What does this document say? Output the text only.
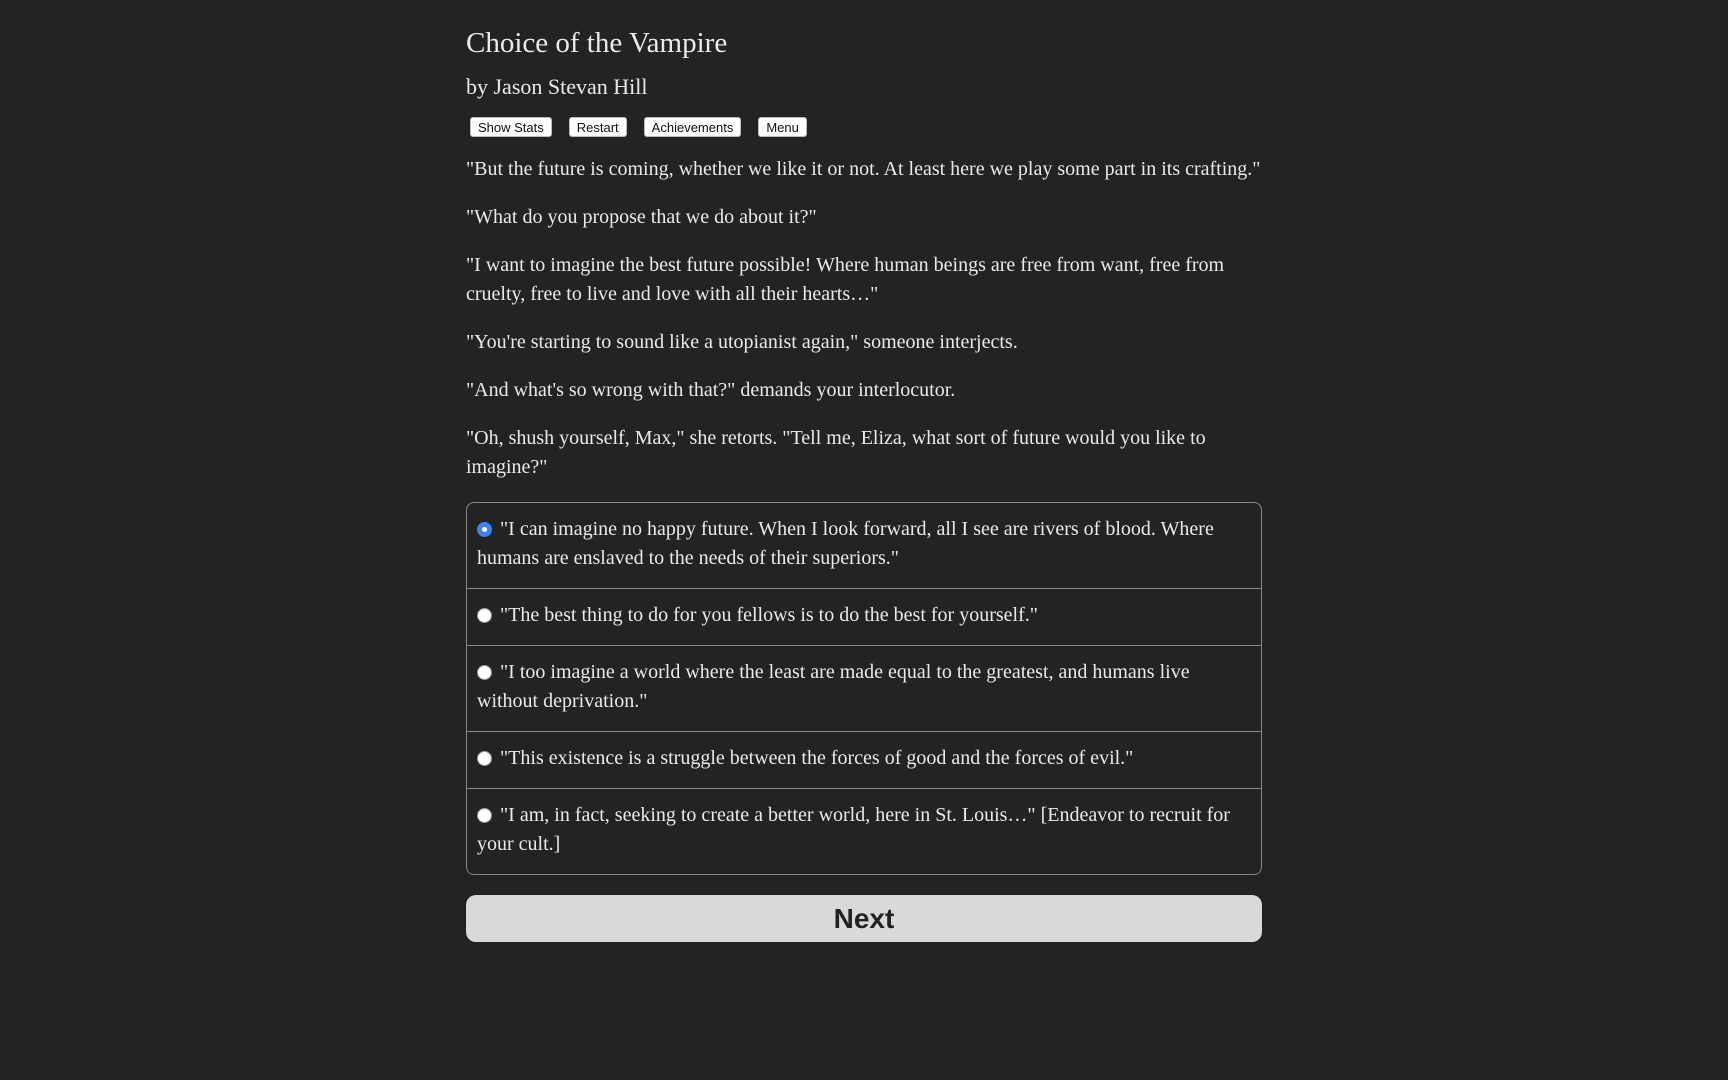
Choice of the Vampire
by Jason Stevan Hill
Show Stats	Restart	Achievements	Menu

"But the future is coming, whether we like it or not. At least here we play some part in its crafting."

"What do you propose that we do about it?"

"I want to imagine the best future possible! Where human beings are free from want, free from cruelty, free to live and love with all their hearts…"

"You're starting to sound like a utopianist again," someone interjects.

"And what's so wrong with that?" demands your interlocutor.

"Oh, shush yourself, Max," she retorts. "Tell me, Eliza, what sort of future would you like to imagine?"

"I can imagine no happy future. When I look forward, all I see are rivers of blood. Where humans are enslaved to the needs of their superiors."
"The best thing to do for you fellows is to do the best for yourself."
"I too imagine a world where the least are made equal to the greatest, and humans live without deprivation."
"This existence is a struggle between the forces of good and the forces of evil."
"I am, in fact, seeking to create a better world, here in St. Louis…" [Endeavor to recruit for your cult.]
Next
